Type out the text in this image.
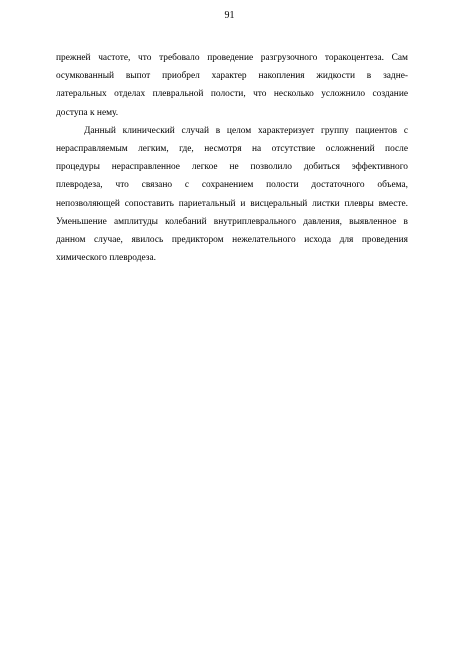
91
прежней частоте, что требовало проведение разгрузочного торакоцентеза. Сам
осумкованный выпот приобрел характер накопления жидкости в задне-
латеральных отделах плевральной полости, что несколько усложнило создание
доступа к нему.
Данный клинический случай в целом характеризует группу пациентов с
нерасправляемым легким, где, несмотря на отсутствие осложнений после
процедуры нерасправленное легкое не позволило добиться эффективного
плевродеза, что связано с сохранением полости достаточного объема,
непозволяющей сопоставить париетальный и висцеральный листки плевры вместе.
Уменьшение амплитуды колебаний внутриплеврального давления, выявленное в
данном случае, явилось предиктором нежелательного исхода для проведения
химического плевродеза.
